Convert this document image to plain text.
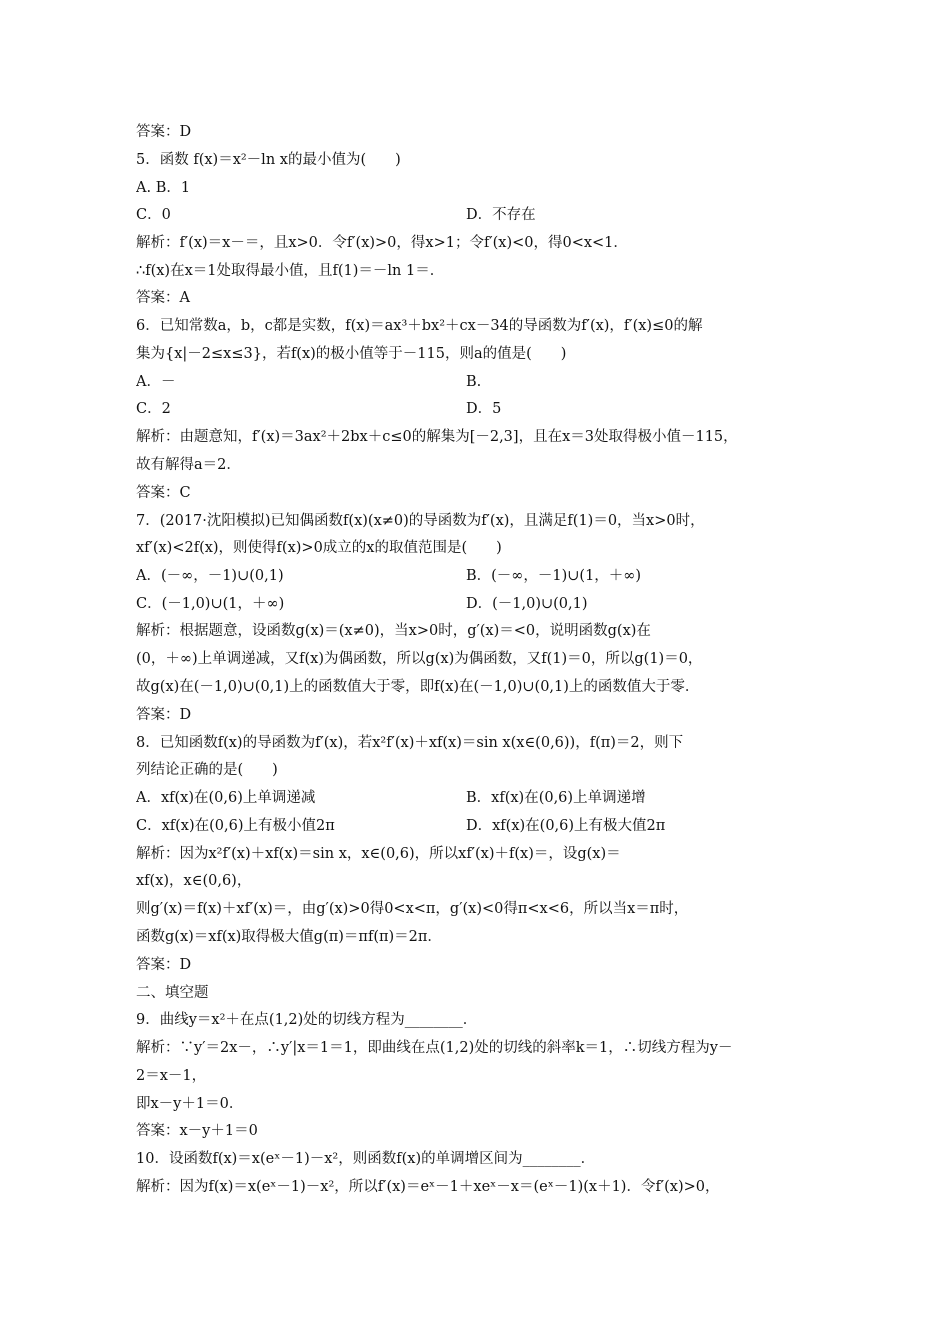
答案：D
5．函数 f(x)＝x²－ln x的最小值为(　　)
A. B．1
C．0	D．不存在
解析：f′(x)＝x－＝，且x>0．令f′(x)>0，得x>1；令f′(x)<0，得0<x<1．
∴f(x)在x＝1处取得最小值，且f(1)＝－ln 1＝．
答案：A
6．已知常数a，b，c都是实数，f(x)＝ax³＋bx²＋cx－34的导函数为f′(x)，f′(x)≤0的解
集为{x|－2≤x≤3}，若f(x)的极小值等于－115，则a的值是(　　)
A．－	B.
C．2	D．5
解析：由题意知，f′(x)＝3ax²＋2bx＋c≤0的解集为[－2,3]，且在x＝3处取得极小值－115，
故有解得a＝2．
答案：C
7．(2017·沈阳模拟)已知偶函数f(x)(x≠0)的导函数为f′(x)，且满足f(1)＝0，当x>0时，
xf′(x)<2f(x)，则使得f(x)>0成立的x的取值范围是(　　)
A．(－∞，－1)∪(0,1)	B．(－∞，－1)∪(1，＋∞)
C．(－1,0)∪(1，＋∞)	D．(－1,0)∪(0,1)
解析：根据题意，设函数g(x)＝(x≠0)，当x>0时，g′(x)＝<0，说明函数g(x)在
(0，＋∞)上单调递减，又f(x)为偶函数，所以g(x)为偶函数，又f(1)＝0，所以g(1)＝0，
故g(x)在(－1,0)∪(0,1)上的函数值大于零，即f(x)在(－1,0)∪(0,1)上的函数值大于零．
答案：D
8．已知函数f(x)的导函数为f′(x)，若x²f′(x)＋xf(x)＝sin x(x∈(0,6))，f(π)＝2，则下
列结论正确的是(　　)
A．xf(x)在(0,6)上单调递减	B．xf(x)在(0,6)上单调递增
C．xf(x)在(0,6)上有极小值2π	D．xf(x)在(0,6)上有极大值2π
解析：因为x²f′(x)＋xf(x)＝sin x，x∈(0,6)，所以xf′(x)＋f(x)＝，设g(x)＝
xf(x)，x∈(0,6)，
则g′(x)＝f(x)＋xf′(x)＝，由g′(x)>0得0<x<π，g′(x)<0得π<x<6，所以当x＝π时，
函数g(x)＝xf(x)取得极大值g(π)＝πf(π)＝2π．
答案：D
二、填空题
9．曲线y＝x²＋在点(1,2)处的切线方程为________．
解析：∵y′＝2x－，∴y′|x＝1＝1，即曲线在点(1,2)处的切线的斜率k＝1，∴切线方程为y－
2＝x－1，
即x－y＋1＝0．
答案：x－y＋1＝0
10．设函数f(x)＝x(eˣ－1)－x²，则函数f(x)的单调增区间为________．
解析：因为f(x)＝x(eˣ－1)－x²，所以f′(x)＝eˣ－1＋xeˣ－x＝(eˣ－1)(x＋1)．令f′(x)>0，
